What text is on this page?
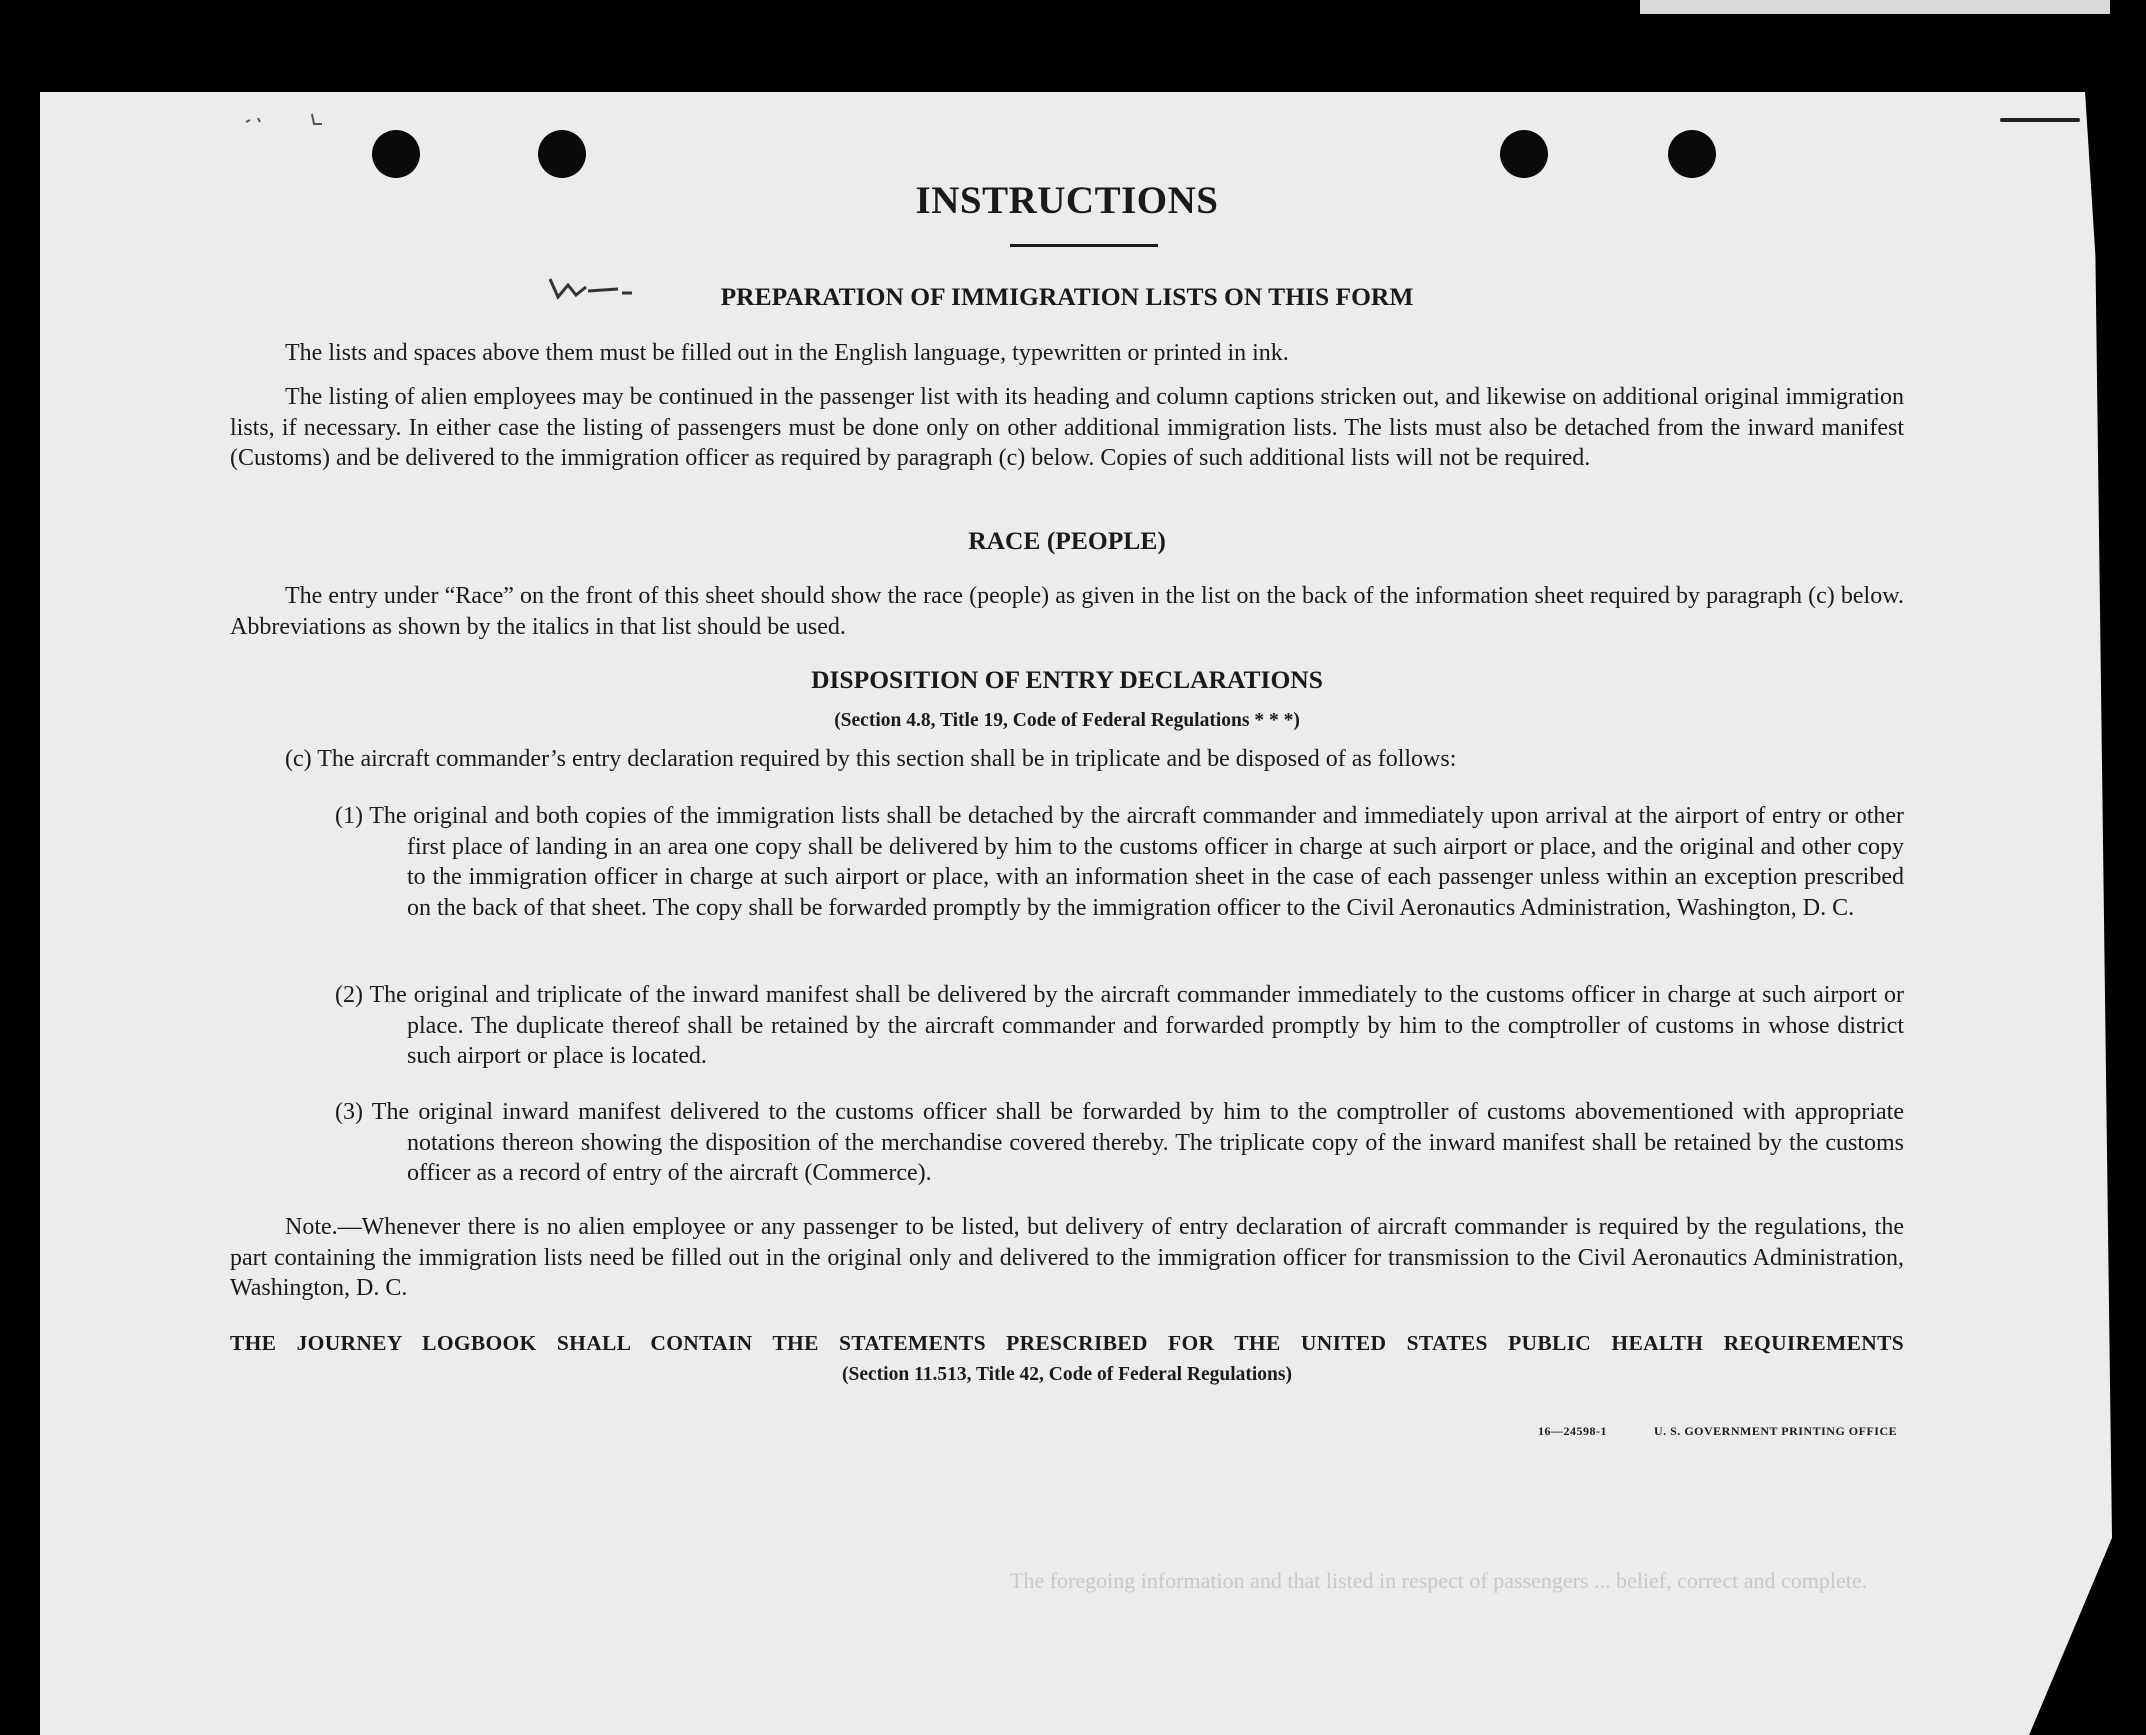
INSTRUCTIONS
PREPARATION OF IMMIGRATION LISTS ON THIS FORM
The lists and spaces above them must be filled out in the English language, typewritten or printed in ink.
The listing of alien employees may be continued in the passenger list with its heading and column captions stricken out, and likewise on additional original immigration lists, if necessary. In either case the listing of passengers must be done only on other additional immigration lists. The lists must also be detached from the inward manifest (Customs) and be delivered to the immigration officer as required by paragraph (c) below. Copies of such additional lists will not be required.
RACE (PEOPLE)
The entry under “Race” on the front of this sheet should show the race (people) as given in the list on the back of the information sheet required by paragraph (c) below. Abbreviations as shown by the italics in that list should be used.
DISPOSITION OF ENTRY DECLARATIONS
(Section 4.8, Title 19, Code of Federal Regulations * * *)
(c) The aircraft commander’s entry declaration required by this section shall be in triplicate and be disposed of as follows:
(1) The original and both copies of the immigration lists shall be detached by the aircraft commander and immediately upon arrival at the airport of entry or other first place of landing in an area one copy shall be delivered by him to the customs officer in charge at such airport or place, and the original and other copy to the immigration officer in charge at such airport or place, with an information sheet in the case of each passenger unless within an exception prescribed on the back of that sheet. The copy shall be forwarded promptly by the immigration officer to the Civil Aeronautics Administration, Washington, D. C.
(2) The original and triplicate of the inward manifest shall be delivered by the aircraft commander immediately to the customs officer in charge at such airport or place. The duplicate thereof shall be retained by the aircraft commander and forwarded promptly by him to the comptroller of customs in whose district such airport or place is located.
(3) The original inward manifest delivered to the customs officer shall be forwarded by him to the comptroller of customs abovementioned with appropriate notations thereon showing the disposition of the merchandise covered thereby. The triplicate copy of the inward manifest shall be retained by the customs officer as a record of entry of the aircraft (Commerce).
Note.—Whenever there is no alien employee or any passenger to be listed, but delivery of entry declaration of aircraft commander is required by the regulations, the part containing the immigration lists need be filled out in the original only and delivered to the immigration officer for transmission to the Civil Aeronautics Administration, Washington, D. C.
THE JOURNEY LOGBOOK SHALL CONTAIN THE STATEMENTS PRESCRIBED FOR THE UNITED STATES PUBLIC HEALTH REQUIREMENTS
(Section 11.513, Title 42, Code of Federal Regulations)
16—24598-1	U. S. GOVERNMENT PRINTING OFFICE
The foregoing information and that listed in respect of passengers ... belief, correct and complete.
